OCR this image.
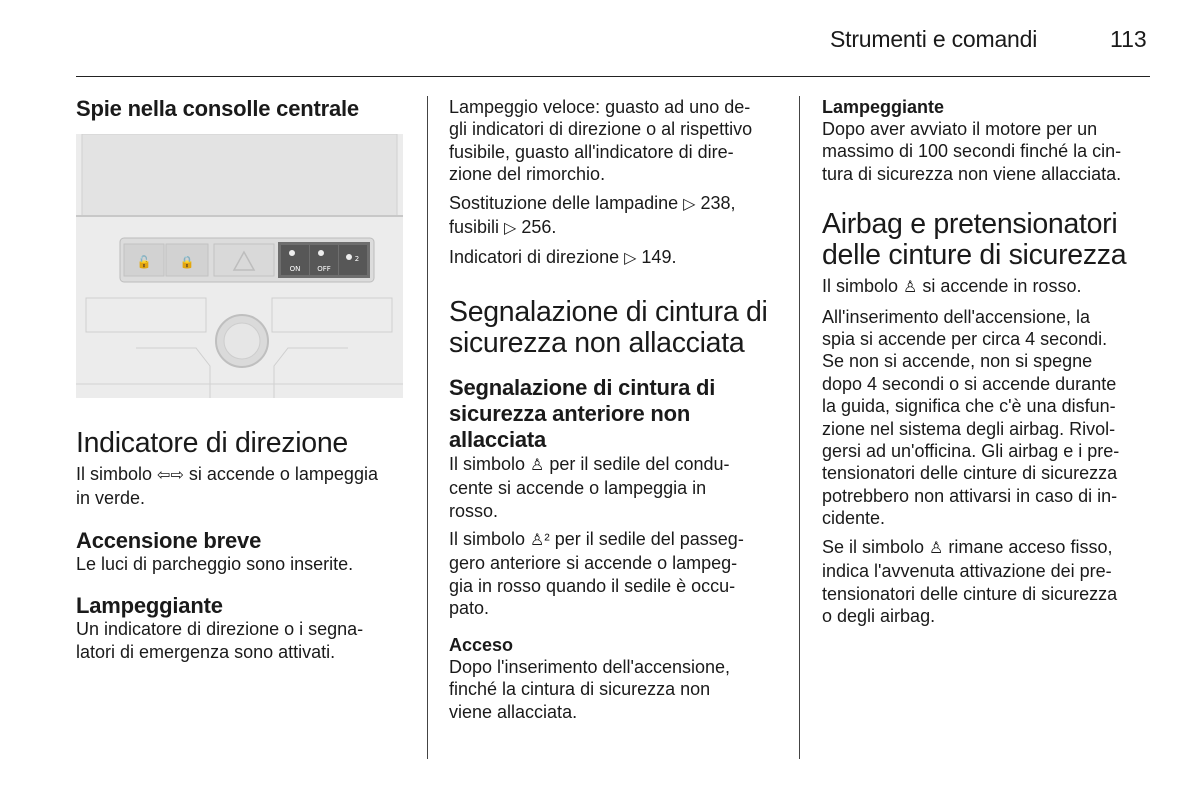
Strumenti e comandi	113
Spie nella consolle centrale
🔓 🔒	ON OFF
2
Indicatore di direzione

Il simbolo ⇦⇨ si accende o lampeggia
in verde.

Accensione breve

Le luci di parcheggio sono inserite.

Lampeggiante

Un indicatore di direzione o i segna-
latori di emergenza sono attivati.

Lampeggio veloce: guasto ad uno de-
gli indicatori di direzione o al rispettivo
fusibile, guasto all'indicatore di dire-
zione del rimorchio.

Sostituzione delle lampadine ▷ 238,
fusibili ▷ 256.

Indicatori di direzione ▷ 149.

Segnalazione di cintura di
sicurezza non allacciata
Segnalazione di cintura di
sicurezza anteriore non
allacciata

Il simbolo ♙ per il sedile del condu-
cente si accende o lampeggia in
rosso.

Il simbolo ♙² per il sedile del passeg-
gero anteriore si accende o lampeg-
gia in rosso quando il sedile è occu-
pato.

Acceso

Dopo l'inserimento dell'accensione,
finché la cintura di sicurezza non
viene allacciata.

Lampeggiante

Dopo aver avviato il motore per un
massimo di 100 secondi finché la cin-
tura di sicurezza non viene allacciata.

Airbag e pretensionatori
delle cinture di sicurezza

Il simbolo ♙ si accende in rosso.

All'inserimento dell'accensione, la
spia si accende per circa 4 secondi.
Se non si accende, non si spegne
dopo 4 secondi o si accende durante
la guida, significa che c'è una disfun-
zione nel sistema degli airbag. Rivol-
gersi ad un'officina. Gli airbag e i pre-
tensionatori delle cinture di sicurezza
potrebbero non attivarsi in caso di in-
cidente.

Se il simbolo ♙ rimane acceso fisso,
indica l'avvenuta attivazione dei pre-
tensionatori delle cinture di sicurezza
o degli airbag.
